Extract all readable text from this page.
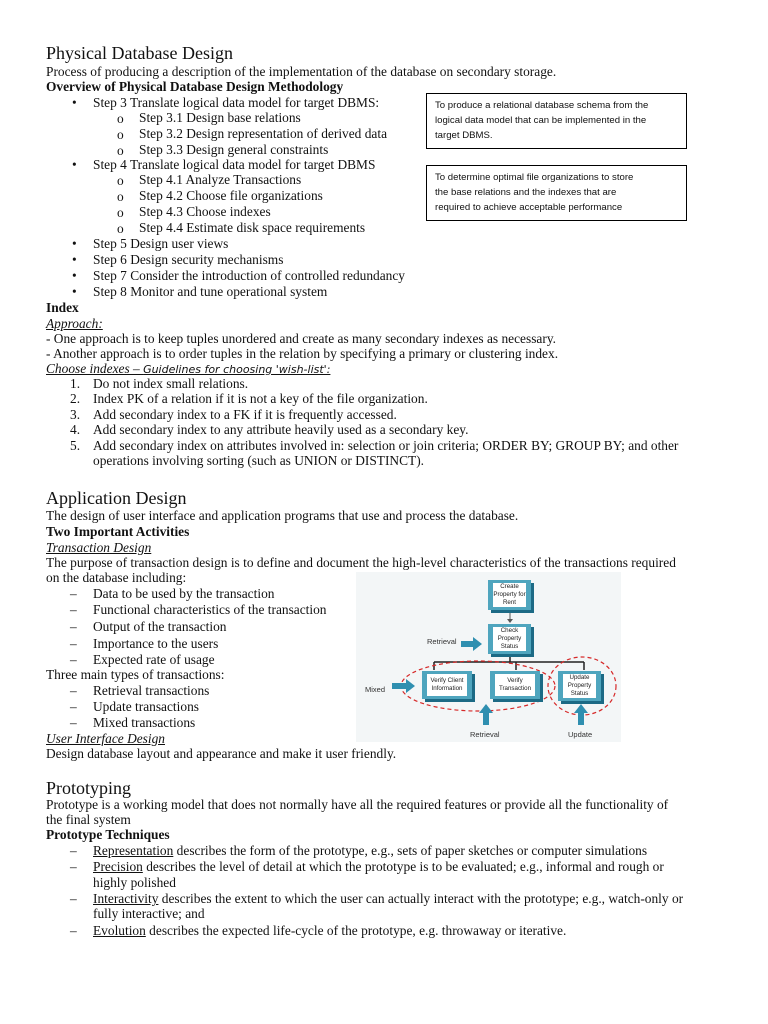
Physical Database Design
Process of producing a description of the implementation of the database on secondary storage.
Overview of Physical Database Design Methodology
• Step 3 Translate logical data model for target DBMS:
o Step 3.1 Design base relations
o Step 3.2 Design representation of derived data
o Step 3.3 Design general constraints
• Step 4 Translate logical data model for target DBMS
o Step 4.1 Analyze Transactions
o Step 4.2 Choose file organizations
o Step 4.3 Choose indexes
o Step 4.4 Estimate disk space requirements
• Step 5 Design user views
• Step 6 Design security mechanisms
• Step 7 Consider the introduction of controlled redundancy
• Step 8 Monitor and tune operational system
To produce a relational database schema from the
logical data model that can be implemented in the
target DBMS.
To determine optimal file organizations to store
the base relations and the indexes that are
required to achieve acceptable performance
Index
Approach:
- One approach is to keep tuples unordered and create as many secondary indexes as necessary.
- Another approach is to order tuples in the relation by specifying a primary or clustering index.
Choose indexes – Guidelines for choosing 'wish-list':
1. Do not index small relations.
2. Index PK of a relation if it is not a key of the file organization.
3. Add secondary index to a FK if it is frequently accessed.
4. Add secondary index to any attribute heavily used as a secondary key.
5. Add secondary index on attributes involved in: selection or join criteria; ORDER BY; GROUP BY; and other
operations involving sorting (such as UNION or DISTINCT).
Application Design
The design of user interface and application programs that use and process the database.
Two Important Activities
Transaction Design
The purpose of transaction design is to define and document the high-level characteristics of the transactions required
on the database including:
– Data to be used by the transaction
– Functional characteristics of the transaction
– Output of the transaction
– Importance to the users
– Expected rate of usage
Three main types of transactions:
– Retrieval transactions
– Update transactions
– Mixed transactions
User Interface Design
Design database layout and appearance and make it user friendly.
Create Property for Rent
Check Property Status
Verify Client Information
Verify Transaction
Update Property Status
Retrieval
Mixed
Retrieval	Update
Prototyping
Prototype is a working model that does not normally have all the required features or provide all the functionality of
the final system
Prototype Techniques
– Representation describes the form of the prototype, e.g., sets of paper sketches or computer simulations
– Precision describes the level of detail at which the prototype is to be evaluated; e.g., informal and rough or
highly polished
– Interactivity describes the extent to which the user can actually interact with the prototype; e.g., watch-only or
fully interactive; and
– Evolution describes the expected life-cycle of the prototype, e.g. throwaway or iterative.
